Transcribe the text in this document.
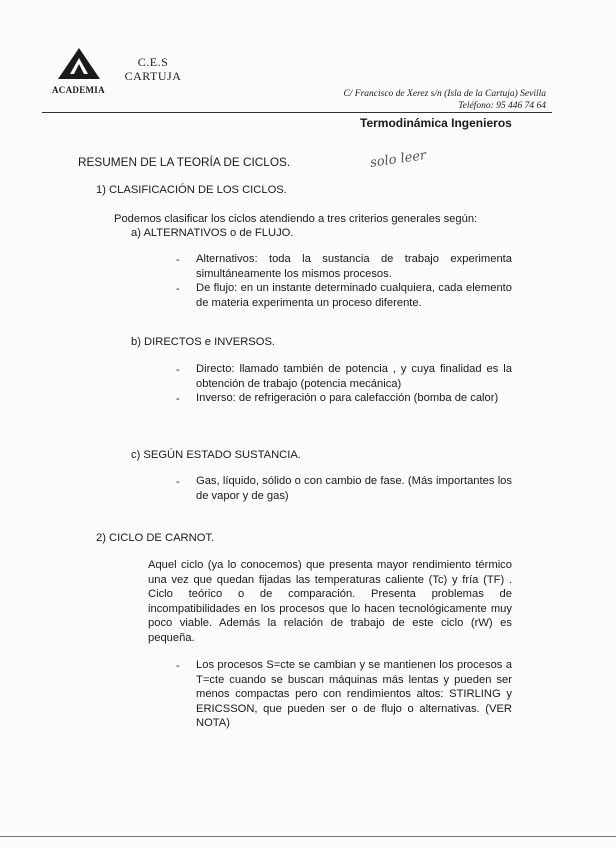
ACADEMIA
C.E.S
CARTUJA
C/ Francisco de Xerez s/n (Isla de la Cartuja) Sevilla
Teléfono: 95 446 74 64
Termodinámica Ingenieros
RESUMEN DE LA TEORÍA DE CICLOS.	solo leer
1) CLASIFICACIÓN DE LOS CICLOS.
Podemos clasificar los ciclos atendiendo a tres criterios generales según:
a) ALTERNATIVOS o de FLUJO.
- Alternativos: toda la sustancia de trabajo experimenta simultáneamente los mismos procesos.
- De flujo: en un instante determinado cualquiera, cada elemento de materia experimenta un proceso diferente.
b) DIRECTOS e INVERSOS.
- Directo: llamado también de potencia , y cuya finalidad es la obtención de trabajo (potencia mecánica)
- Inverso: de refrigeración o para calefacción (bomba de calor)
c) SEGÚN ESTADO SUSTANCIA.
- Gas, líquido, sólido o con cambio de fase. (Más importantes los de vapor y de gas)
2) CICLO DE CARNOT.
Aquel ciclo (ya lo conocemos) que presenta mayor rendimiento térmico una vez que quedan fijadas las temperaturas caliente (Tc) y fría (TF) . Ciclo teórico o de comparación. Presenta problemas de incompatibilidades en los procesos que lo hacen tecnológicamente muy poco viable. Además la relación de trabajo de este ciclo (rW) es pequeña.
- Los procesos S=cte se cambian y se mantienen los procesos a T=cte cuando se buscan máquinas más lentas y pueden ser menos compactas pero con rendimientos altos: STIRLING y ERICSSON, que pueden ser o de flujo o alternativas. (VER NOTA)
